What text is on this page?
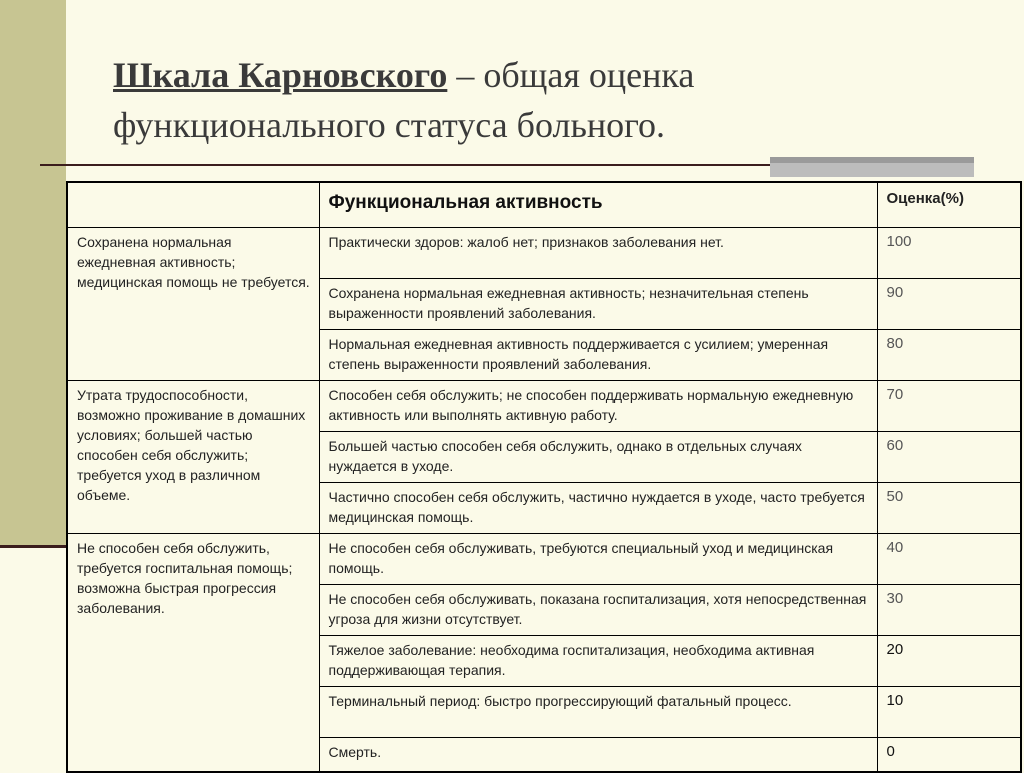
Шкала Карновского – общая оценка
функционального статуса больного.
	Функциональная активность	Оценка(%)
Сохранена нормальная ежедневная активность; медицинская помощь не требуется.	Практически здоров: жалоб нет; признаков заболевания нет.	100
	Сохранена нормальная ежедневная активность; незначительная степень выраженности проявлений заболевания.	90
	Нормальная ежедневная активность поддерживается с усилием; умеренная степень выраженности проявлений заболевания.	80
Утрата трудоспособности, возможно проживание в домашних условиях; большей частью способен себя обслужить; требуется уход в различном объеме.	Способен себя обслужить; не способен поддерживать нормальную ежедневную активность или выполнять активную работу.	70
	Большей частью способен себя обслужить, однако в отдельных случаях нуждается в уходе.	60
	Частично способен себя обслужить, частично нуждается в уходе, часто требуется медицинская помощь.	50
Не способен себя обслужить, требуется госпитальная помощь; возможна быстрая прогрессия заболевания.	Не способен себя обслуживать, требуются специальный уход и медицинская помощь.	40
	Не способен себя обслуживать, показана госпитализация, хотя непосредственная угроза для жизни отсутствует.	30
	Тяжелое заболевание: необходима госпитализация, необходима активная поддерживающая терапия.	20
	Терминальный период: быстро прогрессирующий фатальный процесс.	10
	Смерть.	0
